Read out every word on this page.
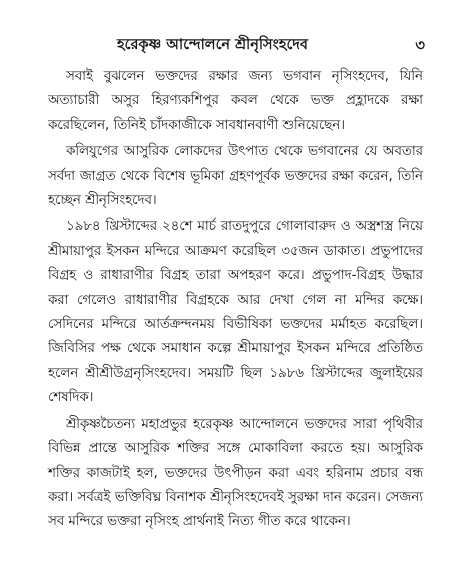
হরেকৃষ্ণ আন্দোলনে শ্রীনৃসিংহদেব	৩

সবাই বুঝলেন ভক্তদের রক্ষার জন্য ভগবান নৃসিংহদেব, যিনি অত্যাচারী অসুর হিরণ্যকশিপুর কবল থেকে ভক্ত প্রহ্লাদকে রক্ষা করেছিলেন, তিনিই চাঁদকাজীকে সাবধানবাণী শুনিয়েছেন।

কলিযুগের আসুরিক লোকদের উৎপাত থেকে ভগবানের যে অবতার সর্বদা জাগ্রত থেকে বিশেষ ভূমিকা গ্রহণপূর্বক ভক্তদের রক্ষা করেন, তিনি হচ্ছেন শ্রীনৃসিংহদেব।

১৯৮৪ খ্রিস্টাব্দের ২৪শে মার্চ রাতদুপুরে গোলাবারুদ ও অস্ত্রশস্ত্র নিয়ে শ্রীমায়াপুর ইসকন মন্দিরে আক্রমণ করেছিল ৩৫জন ডাকাত। প্রভুপাদের বিগ্রহ ও রাধারাণীর বিগ্রহ তারা অপহরণ করে। প্রভুপাদ-বিগ্রহ উদ্ধার করা গেলেও রাধারাণীর বিগ্রহকে আর দেখা গেল না মন্দির কক্ষে। সেদিনের মন্দিরে আর্তক্রন্দনময় বিভীষিকা ভক্তদের মর্মাহত করেছিল। জিবিসির পক্ষ থেকে সমাধান কল্পে শ্রীমায়াপুর ইসকন মন্দিরে প্রতিষ্ঠিত হলেন শ্রীশ্রীউগ্রনৃসিংহদেব। সময়টি ছিল ১৯৮৬ খ্রিস্টাব্দের জুলাইয়ের শেষদিক।

শ্রীকৃষ্ণচৈতন্য মহাপ্রভুর হরেকৃষ্ণ আন্দোলনে ভক্তদের সারা পৃথিবীর বিভিন্ন প্রান্তে আসুরিক শক্তির সঙ্গে মোকাবিলা করতে হয়। আসুরিক শক্তির কাজটাই হল, ভক্তদের উৎপীড়ন করা এবং হরিনাম প্রচার বন্ধ করা। সর্বত্রই ভক্তিবিঘ্ন বিনাশক শ্রীনৃসিংহদেবই সুরক্ষা দান করেন। সেজন্য সব মন্দিরে ভক্তরা নৃসিংহ প্রার্থনাই নিত্য গীত করে থাকেন।
